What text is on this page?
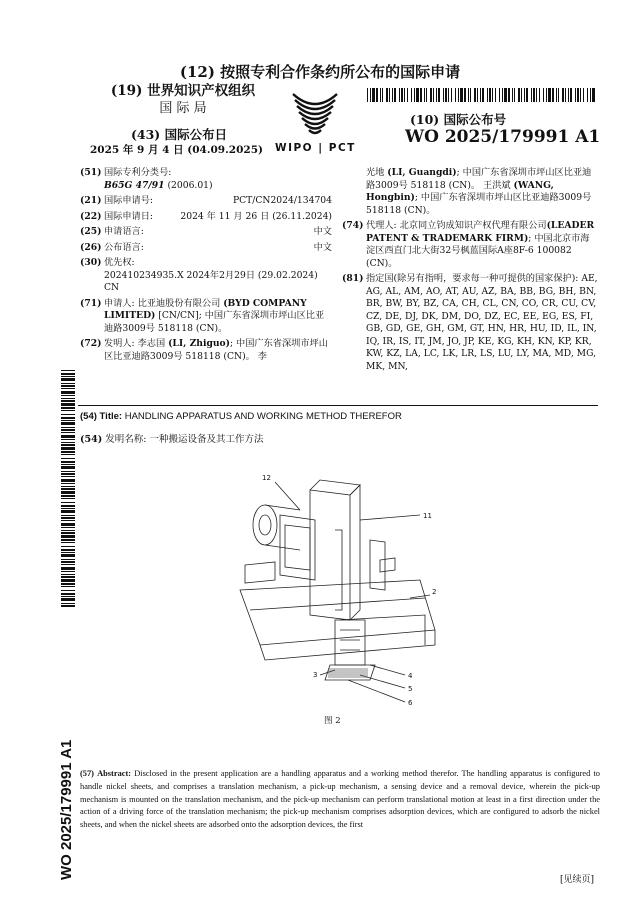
(12) 按照专利合作条约所公布的国际申请
(19) 世界知识产权组织
国 际 局
(43) 国际公布日
2025 年 9 月 4 日 (04.09.2025) WIPO | PCT
(10) 国际公布号
WO 2025/179991 A1
(51) 国际专利分类号:
B65G 47/91 (2006.01)
(21) 国际申请号:	PCT/CN2024/134704
(22) 国际申请日:	2024 年 11 月 26 日 (26.11.2024)
(25) 申请语言:	中文
(26) 公布语言:	中文
(30) 优先权:
202410234935.X 2024年2月29日 (29.02.2024) CN
(71) 申请人: 比亚迪股份有限公司 (BYD COMPANY LIMITED) [CN/CN]; 中国广东省深圳市坪山区比亚迪路3009号 518118 (CN)。
(72) 发明人: 李志国 (LI, Zhiguo); 中国广东省深圳市坪山区比亚迪路3009号 518118 (CN)。 李
光地 (LI, Guangdi); 中国广东省深圳市坪山区比亚迪路3009号 518118 (CN)。 王洪斌 (WANG, Hongbin); 中国广东省深圳市坪山区比亚迪路3009号 518118 (CN)。
(74) 代理人: 北京同立钧成知识产权代理有限公司(LEADER PATENT & TRADEMARK FIRM); 中国北京市海淀区西直门北大街32号枫蓝国际A座8F-6 100082 (CN)。
(81) 指定国(除另有指明，要求每一种可提供的国家保护): AE, AG, AL, AM, AO, AT, AU, AZ, BA, BB, BG, BH, BN, BR, BW, BY, BZ, CA, CH, CL, CN, CO, CR, CU, CV, CZ, DE, DJ, DK, DM, DO, DZ, EC, EE, EG, ES, FI, GB, GD, GE, GH, GM, GT, HN, HR, HU, ID, IL, IN, IQ, IR, IS, IT, JM, JO, JP, KE, KG, KH, KN, KP, KR, KW, KZ, LA, LC, LK, LR, LS, LU, LY, MA, MD, MG, MK, MN,
(54) Title: HANDLING APPARATUS AND WORKING METHOD THEREFOR
(54) 发明名称: 一种搬运设备及其工作方法
12
11
2
3	4
5
6
图 2
(57) Abstract: Disclosed in the present application are a handling apparatus and a working method therefor. The handling apparatus is configured to handle nickel sheets, and comprises a translation mechanism, a pick-up mechanism, a sensing device and a removal device, wherein the pick-up mechanism is mounted on the translation mechanism, and the pick-up mechanism can perform translational motion at least in a first direction under the action of a driving force of the translation mechanism; the pick-up mechanism comprises adsorption devices, which are configured to adsorb the nickel sheets, and when the nickel sheets are adsorbed onto the adsorption devices, the first
WO 2025/179991 A1	[见续页]
